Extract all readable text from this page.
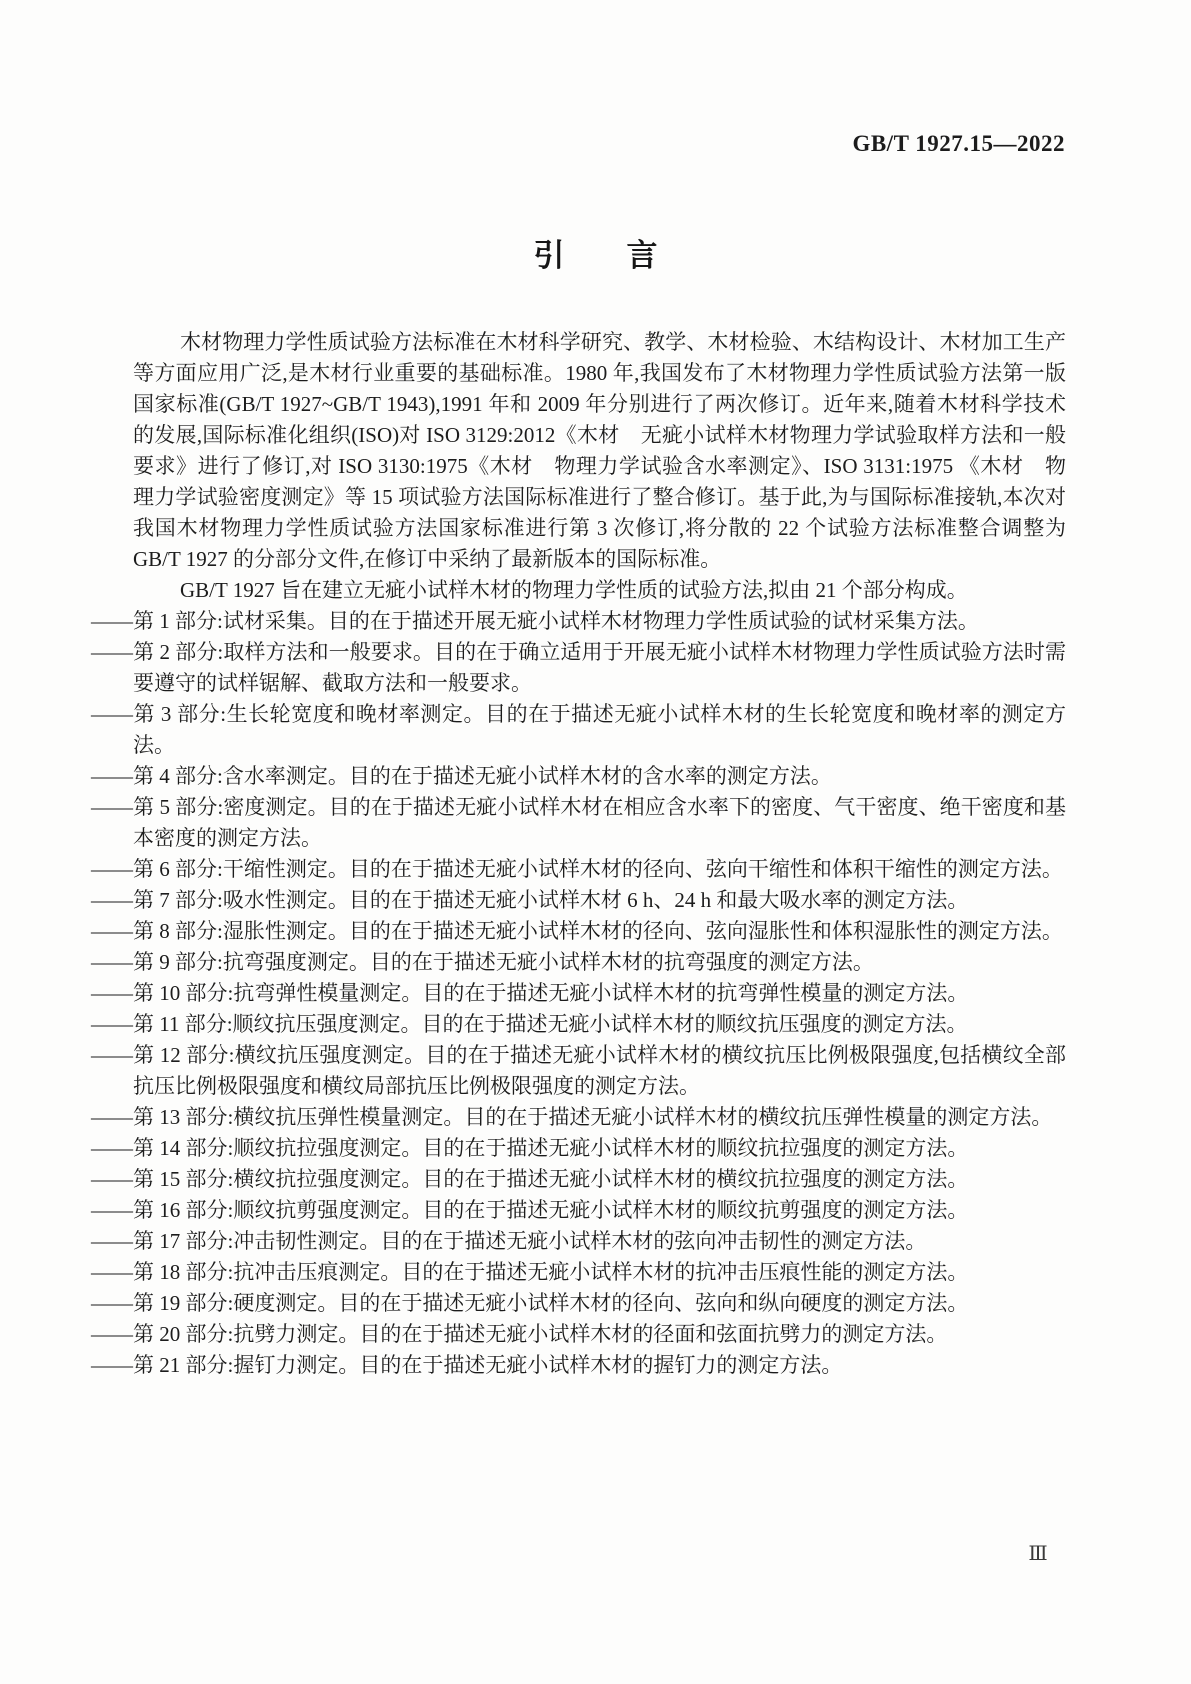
GB/T 1927.15—2022
引　　言

木材物理力学性质试验方法标准在木材科学研究、教学、木材检验、木结构设计、木材加工生产等方面应用广泛,是木材行业重要的基础标准。1980 年,我国发布了木材物理力学性质试验方法第一版国家标准(GB/T 1927~GB/T 1943),1991 年和 2009 年分别进行了两次修订。近年来,随着木材科学技术的发展,国际标准化组织(ISO)对 ISO 3129:2012《木材　无疵小试样木材物理力学试验取样方法和一般要求》进行了修订,对 ISO 3130:1975《木材　物理力学试验含水率测定》、ISO 3131:1975 《木材　物理力学试验密度测定》等 15 项试验方法国际标准进行了整合修订。基于此,为与国际标准接轨,本次对我国木材物理力学性质试验方法国家标准进行第 3 次修订,将分散的 22 个试验方法标准整合调整为 GB/T 1927 的分部分文件,在修订中采纳了最新版本的国际标准。

GB/T 1927 旨在建立无疵小试样木材的物理力学性质的试验方法,拟由 21 个部分构成。

——第 1 部分:试材采集。目的在于描述开展无疵小试样木材物理力学性质试验的试材采集方法。

——第 2 部分:取样方法和一般要求。目的在于确立适用于开展无疵小试样木材物理力学性质试验方法时需要遵守的试样锯解、截取方法和一般要求。

——第 3 部分:生长轮宽度和晚材率测定。目的在于描述无疵小试样木材的生长轮宽度和晚材率的测定方法。

——第 4 部分:含水率测定。目的在于描述无疵小试样木材的含水率的测定方法。

——第 5 部分:密度测定。目的在于描述无疵小试样木材在相应含水率下的密度、气干密度、绝干密度和基本密度的测定方法。

——第 6 部分:干缩性测定。目的在于描述无疵小试样木材的径向、弦向干缩性和体积干缩性的测定方法。

——第 7 部分:吸水性测定。目的在于描述无疵小试样木材 6 h、24 h 和最大吸水率的测定方法。

——第 8 部分:湿胀性测定。目的在于描述无疵小试样木材的径向、弦向湿胀性和体积湿胀性的测定方法。

——第 9 部分:抗弯强度测定。目的在于描述无疵小试样木材的抗弯强度的测定方法。

——第 10 部分:抗弯弹性模量测定。目的在于描述无疵小试样木材的抗弯弹性模量的测定方法。

——第 11 部分:顺纹抗压强度测定。目的在于描述无疵小试样木材的顺纹抗压强度的测定方法。

——第 12 部分:横纹抗压强度测定。目的在于描述无疵小试样木材的横纹抗压比例极限强度,包括横纹全部抗压比例极限强度和横纹局部抗压比例极限强度的测定方法。

——第 13 部分:横纹抗压弹性模量测定。目的在于描述无疵小试样木材的横纹抗压弹性模量的测定方法。

——第 14 部分:顺纹抗拉强度测定。目的在于描述无疵小试样木材的顺纹抗拉强度的测定方法。

——第 15 部分:横纹抗拉强度测定。目的在于描述无疵小试样木材的横纹抗拉强度的测定方法。

——第 16 部分:顺纹抗剪强度测定。目的在于描述无疵小试样木材的顺纹抗剪强度的测定方法。

——第 17 部分:冲击韧性测定。目的在于描述无疵小试样木材的弦向冲击韧性的测定方法。

——第 18 部分:抗冲击压痕测定。目的在于描述无疵小试样木材的抗冲击压痕性能的测定方法。

——第 19 部分:硬度测定。目的在于描述无疵小试样木材的径向、弦向和纵向硬度的测定方法。

——第 20 部分:抗劈力测定。目的在于描述无疵小试样木材的径面和弦面抗劈力的测定方法。

——第 21 部分:握钉力测定。目的在于描述无疵小试样木材的握钉力的测定方法。

Ⅲ
